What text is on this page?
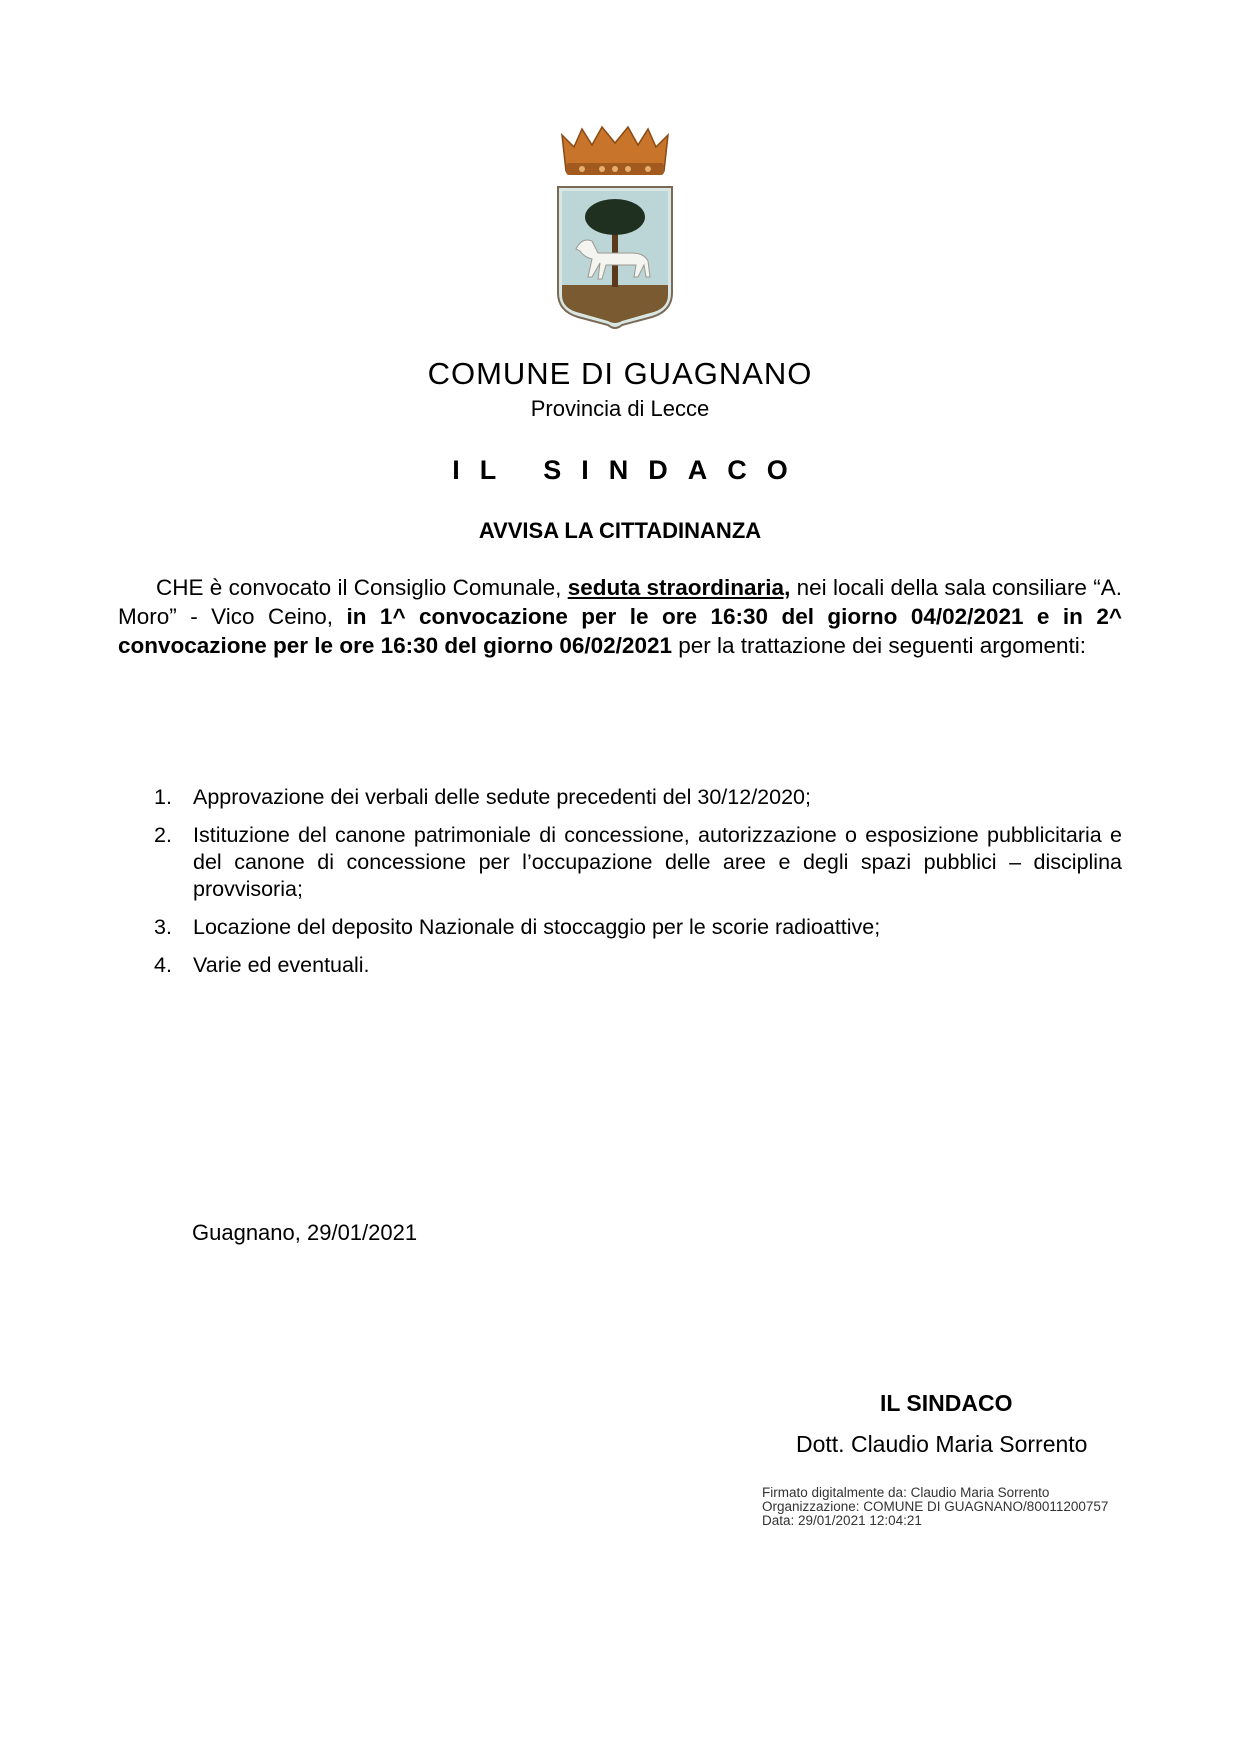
COMUNE DI GUAGNANO
Provincia di Lecce
IL SINDACO
AVVISA LA CITTADINANZA

CHE è convocato il Consiglio Comunale, seduta straordinaria, nei locali della sala consiliare “A. Moro” - Vico Ceino, in 1^ convocazione per le ore 16:30 del giorno 04/02/2021 e in 2^ convocazione per le ore 16:30 del giorno 06/02/2021 per la trattazione dei seguenti argomenti:

1. Approvazione dei verbali delle sedute precedenti del 30/12/2020;
2. Istituzione del canone patrimoniale di concessione, autorizzazione o esposizione pubblicitaria e del canone di concessione per l’occupazione delle aree e degli spazi pubblici – disciplina provvisoria;
3. Locazione del deposito Nazionale di stoccaggio per le scorie radioattive;
4. Varie ed eventuali.
Guagnano, 29/01/2021
IL SINDACO
Dott. Claudio Maria Sorrento
Firmato digitalmente da: Claudio Maria Sorrento
Organizzazione: COMUNE DI GUAGNANO/80011200757
Data: 29/01/2021 12:04:21
